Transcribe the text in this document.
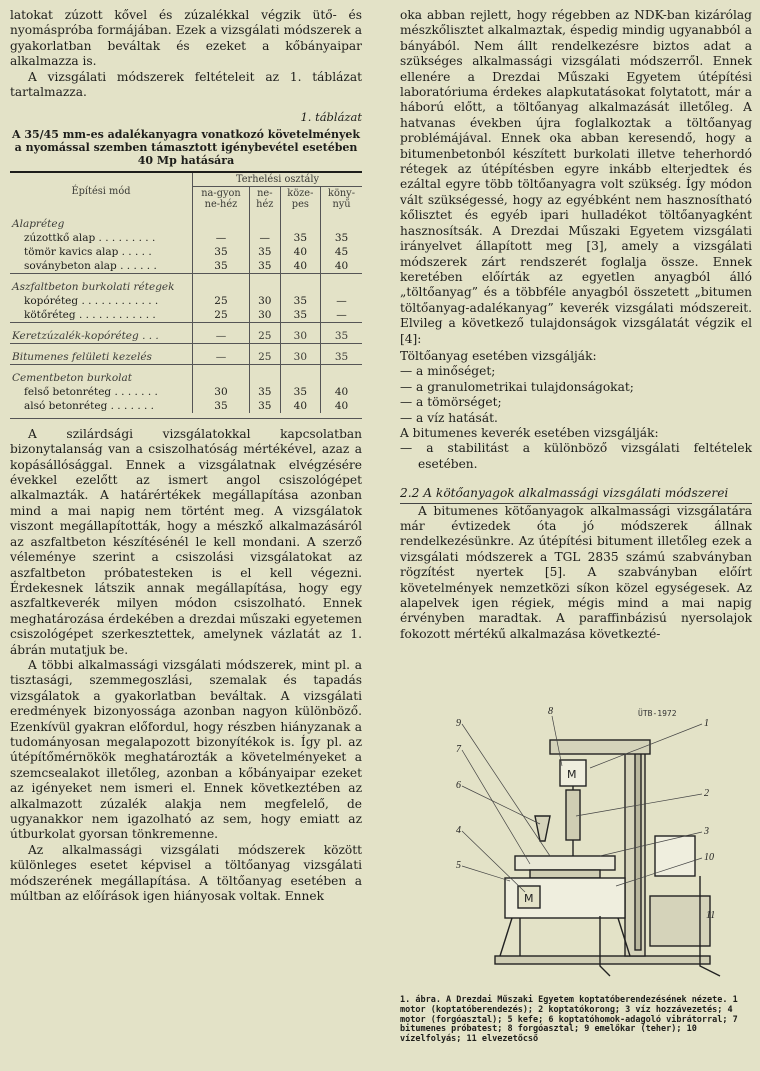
latokat zúzott kővel és zúzalékkal végzik ütő- és nyomáspróba formájában. Ezek a vizsgálati módszerek a gyakorlatban beváltak és ezeket a kőbányaipar alkalmazza is.

A vizsgálati módszerek feltételeit az 1. táblázat tartalmazza.

1. táblázat
A 35/45 mm-es adalékanyagra vonatkozó követelmények a nyomással szemben támasztott igénybevétel esetében 40 Mp hatására
Építési mód	Terhelési osztály			
	na-gyon ne-héz	ne-héz	köze-pes	köny-nyű
Alapréteg				
zúzottkő alap . . . . . . . . .	—	—	35	35
tömör kavics alap . . . . .	35	35	40	45
soványbeton alap . . . . . .	35	35	40	40
Aszfaltbeton burkolati rétegek				
kopóréteg . . . . . . . . . . . .	25	30	35	—
kötőréteg . . . . . . . . . . . .	25	30	35	—
Keretzúzalék-kopóréteg . . .	—	25	30	35
Bitumenes felületi kezelés	—	25	30	35
Cementbeton burkolat				
felső betonréteg . . . . . . .	30	35	35	40
alsó betonréteg . . . . . . .	35	35	40	40

A szilárdsági vizsgálatokkal kapcsolatban bizonytalanság van a csiszolhatóság mértékével, azaz a kopásállósággal. Ennek a vizsgálatnak elvégzésére évekkel ezelőtt az ismert angol csiszológépet alkalmazták. A határértékek megállapítása azonban mind a mai napig nem történt meg. A vizsgálatok viszont megállapították, hogy a mészkő alkalmazásáról az aszfaltbeton készítésénél le kell mondani. A szerző véleménye szerint a csiszolási vizsgálatokat az aszfaltbeton próbatesteken is el kell végezni. Érdekesnek látszik annak megállapítása, hogy egy aszfaltkeverék milyen módon csiszolható. Ennek meghatározása érdekében a drezdai műszaki egyetemen csiszológépet szerkesztettek, amelynek vázlatát az 1. ábrán mutatjuk be.

A többi alkalmassági vizsgálati módszerek, mint pl. a tisztasági, szemmegoszlási, szemalak és tapadás vizsgálatok a gyakorlatban beváltak. A vizsgálati eredmények bizonyossága azonban nagyon különböző. Ezenkívül gyakran előfordul, hogy részben hiányzanak a tudományosan megalapozott bizonyítékok is. Így pl. az útépítőmérnökök meghatározták a követelményeket a szemcsealakot illetőleg, azonban a kőbányaipar ezeket az igényeket nem ismeri el. Ennek következtében az alkalmazott zúzalék alakja nem megfelelő, de ugyanakkor nem igazolható az sem, hogy emiatt az útburkolat gyorsan tönkremenne.

Az alkalmassági vizsgálati módszerek között különleges esetet képvisel a töltőanyag vizsgálati módszerének megállapítása. A töltőanyag esetében a múltban az előírások igen hiányosak voltak. Ennek

oka abban rejlett, hogy régebben az NDK-ban kizárólag mészkőlisztet alkalmaztak, éspedig mindig ugyanabból a bányából. Nem állt rendelkezésre biztos adat a szükséges alkalmassági vizsgálati módszerről. Ennek ellenére a Drezdai Műszaki Egyetem útépítési laboratóriuma érdekes alapkutatásokat folytatott, már a háború előtt, a töltőanyag alkalmazását illetőleg. A hatvanas években újra foglalkoztak a töltőanyag problémájával. Ennek oka abban keresendő, hogy a bitumenbetonból készített burkolati illetve teherhordó rétegek az útépítésben egyre inkább elterjedtek és ezáltal egyre több töltőanyagra volt szükség. Így módon vált szükségessé, hogy az egyébként nem hasznosítható kőlisztet és egyéb ipari hulladékot töltőanyagként hasznosítsák. A Drezdai Műszaki Egyetem vizsgálati irányelvet állapított meg [3], amely a vizsgálati módszerek zárt rendszerét foglalja össze. Ennek keretében előírták az egyetlen anyagból álló „töltőanyag” és a többféle anyagból összetett „bitumen töltőanyag-adalékanyag” keverék vizsgálati módszereit. Elvileg a következő tulajdonságok vizsgálatát végzik el [4]:

Töltőanyag esetében vizsgálják:

— a minőséget;

— a granulometrikai tulajdonságokat;

— a tömörséget;

— a víz hatását.

A bitumenes keverék esetében vizsgálják:

— a stabilitást a különböző vizsgálati feltételek esetében.

2.2 A kötőanyagok alkalmassági vizsgálati módszerei

A bitumenes kötőanyagok alkalmassági vizsgálatára már évtizedek óta jó módszerek állnak rendelkezésünkre. Az útépítési bitument illetőleg ezek a vizsgálati módszerek a TGL 2835 számú szabványban rögzítést nyertek [5]. A szabványban előírt követelmények nemzetközi síkon közel egységesek. Az alapelvek igen régiek, mégis mind a mai napig érvényben maradtak. A paraffinbázisú nyersolajok fokozott mértékű alkalmazása következté-

M
M
9
8
1
7
2
6
3
10
4
5
11
ÜTB-1972
1. ábra. A Drezdai Műszaki Egyetem koptatóberendezésének nézete. 1 motor (koptatóberendezés); 2 koptatókorong; 3 víz hozzávezetés; 4 motor (forgóasztal); 5 kefe; 6 koptatóhomok-adagoló vibrátorral; 7 bitumenes próbatest; 8 forgóasztal; 9 emelőkar (teher); 10 vízelfolyás; 11 elvezetőcső
